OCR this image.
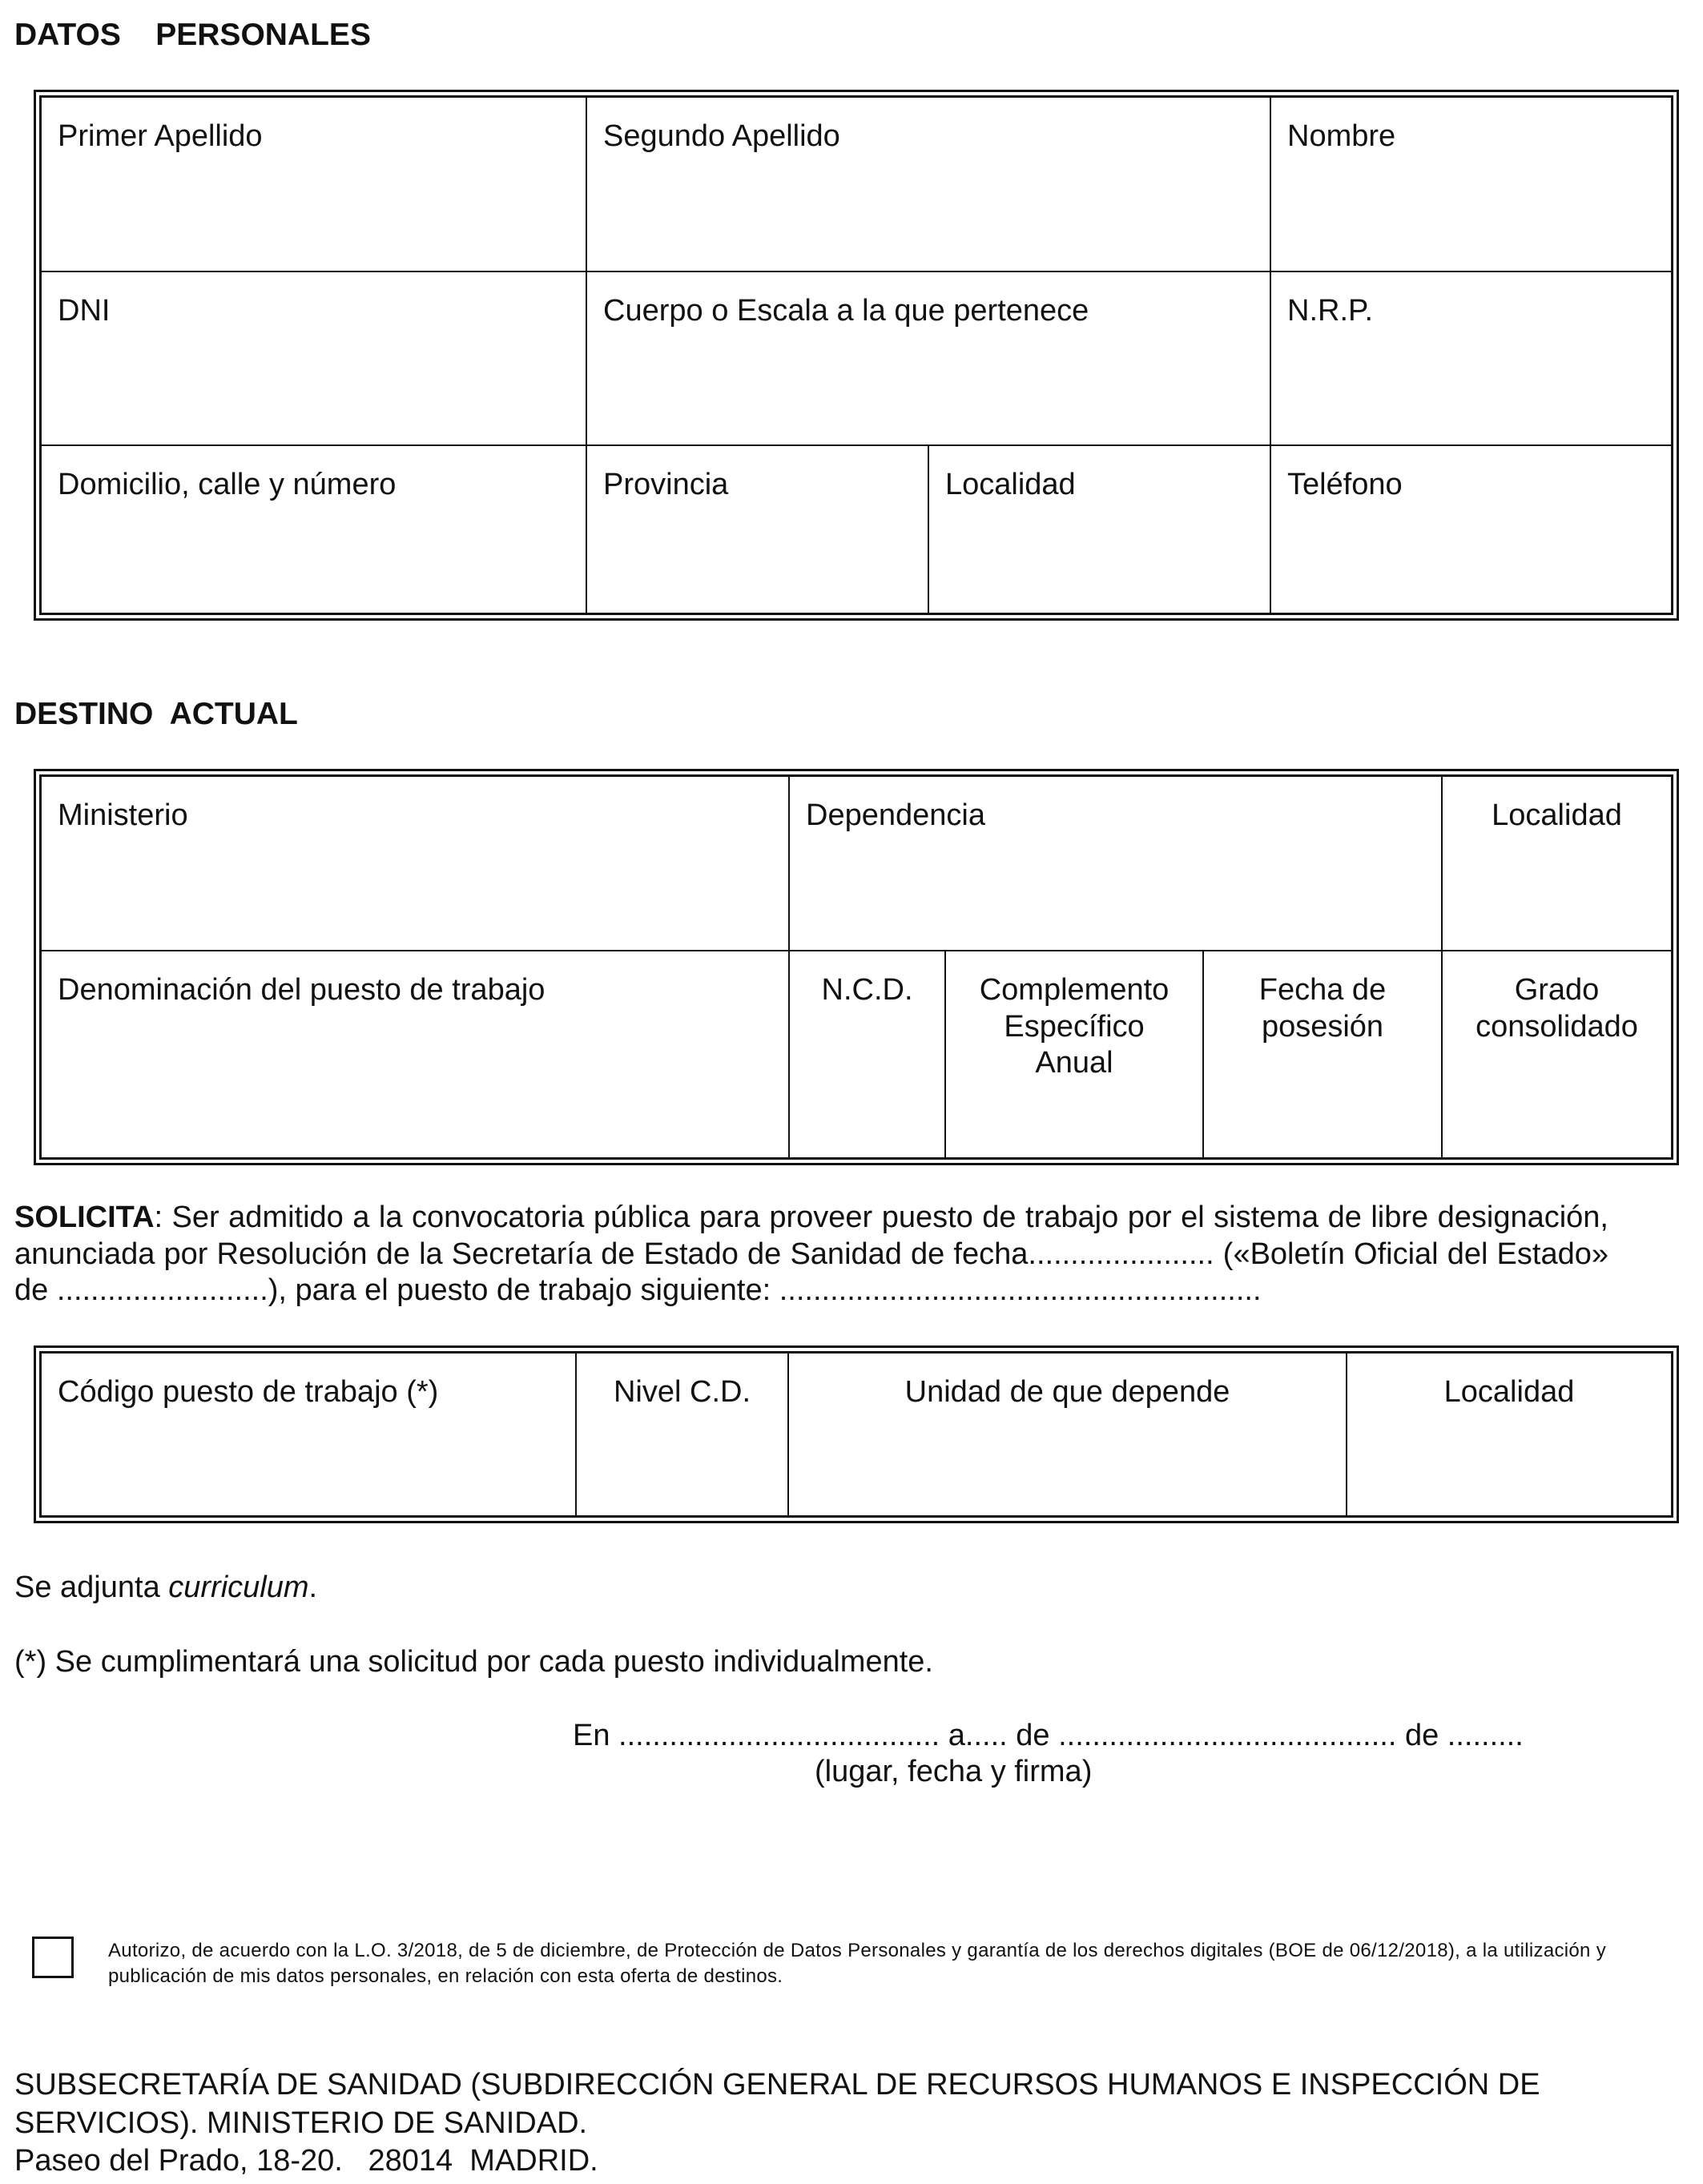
DATOS    PERSONALES
Primer Apellido	Segundo Apellido		Nombre
DNI	Cuerpo o Escala a la que pertenece		N.R.P.
Domicilio, calle y número	Provincia	Localidad	Teléfono
DESTINO  ACTUAL
Ministerio	Dependencia			Localidad
Denominación del puesto de trabajo	N.C.D.	Complemento Específico Anual	Fecha de posesión	Grado consolidado
SOLICITA: Ser admitido a la convocatoria pública para proveer puesto de trabajo por el sistema de libre designación, anunciada por Resolución de la Secretaría de Estado de Sanidad de fecha...................... («Boletín Oficial del Estado» de .........................), para el puesto de trabajo siguiente: .........................................................
Código puesto de trabajo (*)	Nivel C.D.	Unidad de que depende	Localidad
Se adjunta curriculum.
(*) Se cumplimentará una solicitud por cada puesto individualmente.
En ...................................... a..... de ........................................ de .........
(lugar, fecha y firma)
Autorizo, de acuerdo con la L.O. 3/2018, de 5 de diciembre, de Protección de Datos Personales y garantía de los derechos digitales (BOE de 06/12/2018), a la utilización y publicación de mis datos personales, en relación con esta oferta de destinos.
SUBSECRETARÍA DE SANIDAD (SUBDIRECCIÓN GENERAL DE RECURSOS HUMANOS E INSPECCIÓN DE SERVICIOS). MINISTERIO DE SANIDAD.
Paseo del Prado, 18-20.   28014  MADRID.
